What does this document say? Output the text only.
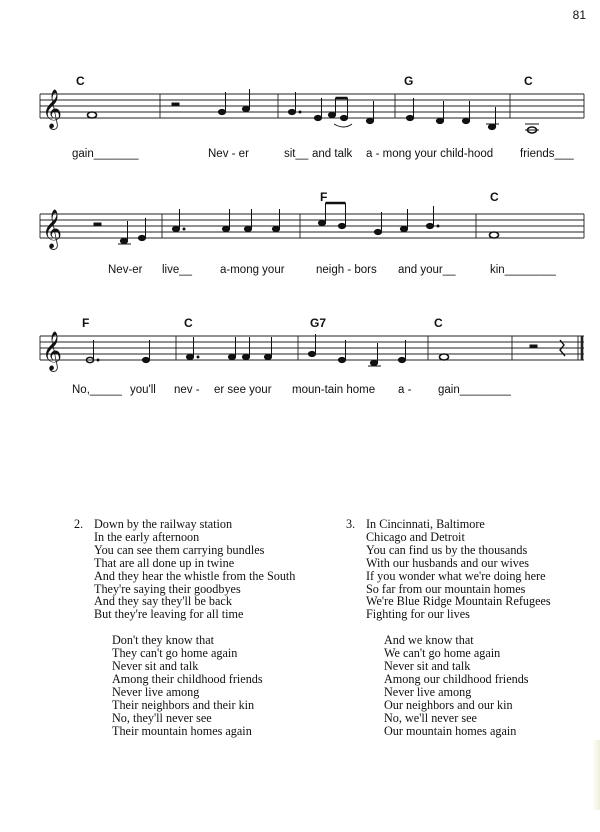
81
C	G	C
𝄞
gain_______	Nev - er	sit__ and talk a - mong your child-hood friends___
F	C
𝄞
Nev-er live__ a-mong your	neigh - bors and your__	kin________
F	C	G7	C
𝄞
No,_____ you'll nev - er see your moun-tain home a - gain________
2. Down by the railway station
In the early afternoon
You can see them carrying bundles
That are all done up in twine
And they hear the whistle from the South
They're saying their goodbyes
And they say they'll be back
But they're leaving for all time
Don't they know that
They can't go home again
Never sit and talk
Among their childhood friends
Never live among
Their neighbors and their kin
No, they'll never see
Their mountain homes again
3. In Cincinnati, Baltimore
Chicago and Detroit
You can find us by the thousands
With our husbands and our wives
If you wonder what we're doing here
So far from our mountain homes
We're Blue Ridge Mountain Refugees
Fighting for our lives
And we know that
We can't go home again
Never sit and talk
Among our childhood friends
Never live among
Our neighbors and our kin
No, we'll never see
Our mountain homes again
